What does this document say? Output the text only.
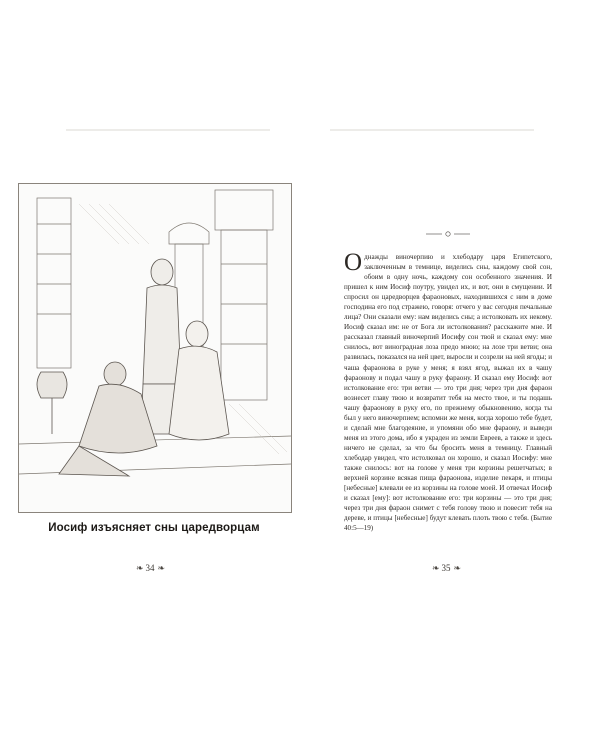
Иосиф изъясняет сны царедворцам
❧ 34 ❧
Однажды виночерпию и хлебодару царя Египетского, заключенным в темнице, виделись сны, каждому свой сон, обоим в одну ночь, каждому сон особенного значения. И пришел к ним Иосиф поутру, увидел их, и вот, они в смущении. И спросил он царедворцев фараоновых, находившихся с ним в доме господина его под стражею, говоря: отчего у вас сегодня печальные лица? Они сказали ему: нам виделись сны; а истолковать их некому. Иосиф сказал им: не от Бога ли истолкования? расскажите мне. И рассказал главный виночерпий Иосифу сон твой и сказал ему: мне снилось, вот виноградная лоза предо мною; на лозе три ветви; она развилась, показался на ней цвет, выросли и созрели на ней ягоды; и чаша фараонова в руке у меня; я взял ягод, выжал их в чашу фараонову и подал чашу в руку фараону. И сказал ему Иосиф: вот истолкование его: три ветви — это три дня; через три дня фараон вознесет главу твою и возвратит тебя на место твое, и ты подашь чашу фараонову в руку его, по прежнему обыкновению, когда ты был у него виночерпием; вспомни же меня, когда хорошо тебе будет, и сделай мне благодеяние, и упомяни обо мне фараону, и выведи меня из этого дома, ибо я украден из земли Евреев, а также и здесь ничего не сделал, за что бы бросить меня в темницу. Главный хлебодар увидел, что истолковал он хорошо, и сказал Иосифу: мне также снилось: вот на голове у меня три корзины решетчатых; в верхней корзине всякая пища фараонова, изделие пекаря, и птицы [небесные] клевали ее из корзины на голове моей. И отвечал Иосиф и сказал [ему]: вот истолкование его: три корзины — это три дня; через три дня фараон снимет с тебя голову твою и повесит тебя на дереве, и птицы [небесные] будут клевать плоть твою с тебя. (Бытие 40:5—19)
❧ 35 ❧
